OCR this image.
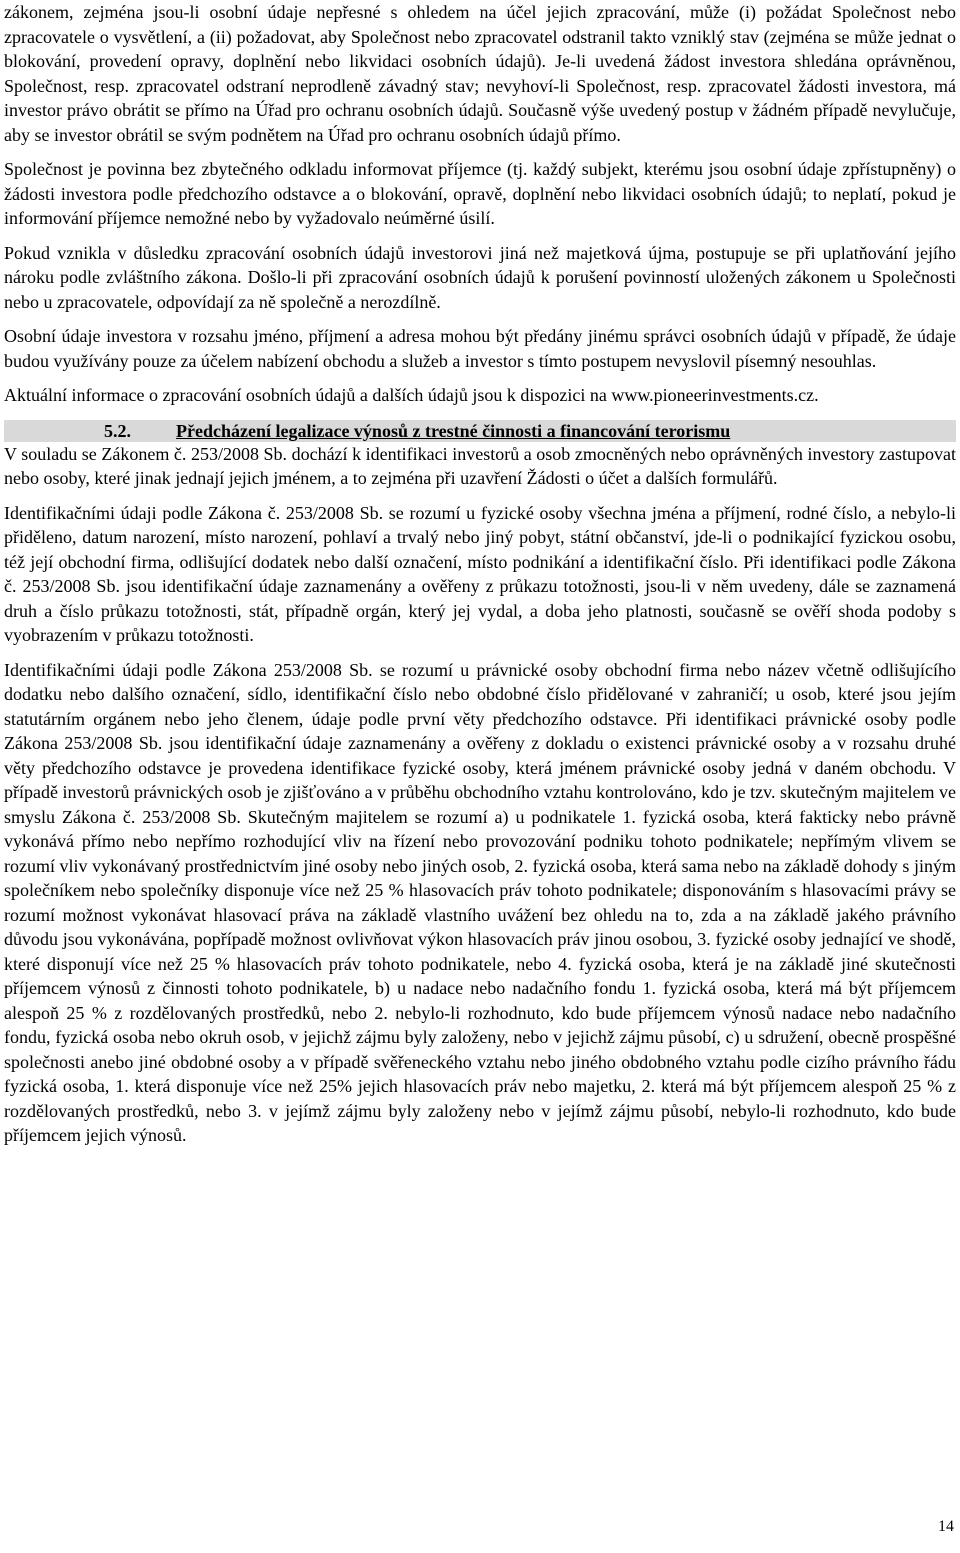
zákonem, zejména jsou-li osobní údaje nepřesné s ohledem na účel jejich zpracování, může (i) požádat Společnost nebo zpracovatele o vysvětlení, a (ii) požadovat, aby Společnost nebo zpracovatel odstranil takto vzniklý stav (zejména se může jednat o blokování, provedení opravy, doplnění nebo likvidaci osobních údajů). Je-li uvedená žádost investora shledána oprávněnou, Společnost, resp. zpracovatel odstraní neprodleně závadný stav; nevyhoví-li Společnost, resp. zpracovatel žádosti investora, má investor právo obrátit se přímo na Úřad pro ochranu osobních údajů. Současně výše uvedený postup v žádném případě nevylučuje, aby se investor obrátil se svým podnětem na Úřad pro ochranu osobních údajů přímo.

Společnost je povinna bez zbytečného odkladu informovat příjemce (tj. každý subjekt, kterému jsou osobní údaje zpřístupněny) o žádosti investora podle předchozího odstavce a o blokování, opravě, doplnění nebo likvidaci osobních údajů; to neplatí, pokud je informování příjemce nemožné nebo by vyžadovalo neúměrné úsilí.

Pokud vznikla v důsledku zpracování osobních údajů investorovi jiná než majetková újma, postupuje se při uplatňování jejího nároku podle zvláštního zákona. Došlo-li při zpracování osobních údajů k porušení povinností uložených zákonem u Společnosti nebo u zpracovatele, odpovídají za ně společně a nerozdílně.

Osobní údaje investora v rozsahu jméno, příjmení a adresa mohou být předány jinému správci osobních údajů v případě, že údaje budou využívány pouze za účelem nabízení obchodu a služeb a investor s tímto postupem nevyslovil písemný nesouhlas.

Aktuální informace o zpracování osobních údajů a dalších údajů jsou k dispozici na www.pioneerinvestments.cz.

5.2.	Předcházení legalizace výnosů z trestné činnosti a financování terorismu

V souladu se Zákonem č. 253/2008 Sb. dochází k identifikaci investorů a osob zmocněných nebo oprávněných investory zastupovat nebo osoby, které jinak jednají jejich jménem, a to zejména při uzavření Žádosti o účet a dalších formulářů.

Identifikačními údaji podle Zákona č. 253/2008 Sb. se rozumí u fyzické osoby všechna jména a příjmení, rodné číslo, a nebylo-li přiděleno, datum narození, místo narození, pohlaví a trvalý nebo jiný pobyt, státní občanství, jde-li o podnikající fyzickou osobu, též její obchodní firma, odlišující dodatek nebo další označení, místo podnikání a identifikační číslo. Při identifikaci podle Zákona č. 253/2008 Sb. jsou identifikační údaje zaznamenány a ověřeny z průkazu totožnosti, jsou-li v něm uvedeny, dále se zaznamená druh a číslo průkazu totožnosti, stát, případně orgán, který jej vydal, a doba jeho platnosti, současně se ověří shoda podoby s vyobrazením v průkazu totožnosti.

Identifikačními údaji podle Zákona 253/2008 Sb. se rozumí u právnické osoby obchodní firma nebo název včetně odlišujícího dodatku nebo dalšího označení, sídlo, identifikační číslo nebo obdobné číslo přidělované v zahraničí; u osob, které jsou jejím statutárním orgánem nebo jeho členem, údaje podle první věty předchozího odstavce. Při identifikaci právnické osoby podle Zákona 253/2008 Sb. jsou identifikační údaje zaznamenány a ověřeny z dokladu o existenci právnické osoby a v rozsahu druhé věty předchozího odstavce je provedena identifikace fyzické osoby, která jménem právnické osoby jedná v daném obchodu. V případě investorů právnických osob je zjišťováno a v průběhu obchodního vztahu kontrolováno, kdo je tzv. skutečným majitelem ve smyslu Zákona č. 253/2008 Sb. Skutečným majitelem se rozumí a) u podnikatele 1. fyzická osoba, která fakticky nebo právně vykonává přímo nebo nepřímo rozhodující vliv na řízení nebo provozování podniku tohoto podnikatele; nepřímým vlivem se rozumí vliv vykonávaný prostřednictvím jiné osoby nebo jiných osob, 2. fyzická osoba, která sama nebo na základě dohody s jiným společníkem nebo společníky disponuje více než 25 % hlasovacích práv tohoto podnikatele; disponováním s hlasovacími právy se rozumí možnost vykonávat hlasovací práva na základě vlastního uvážení bez ohledu na to, zda a na základě jakého právního důvodu jsou vykonávána, popřípadě možnost ovlivňovat výkon hlasovacích práv jinou osobou, 3. fyzické osoby jednající ve shodě, které disponují více než 25 % hlasovacích práv tohoto podnikatele, nebo 4. fyzická osoba, která je na základě jiné skutečnosti příjemcem výnosů z činnosti tohoto podnikatele, b) u nadace nebo nadačního fondu 1. fyzická osoba, která má být příjemcem alespoň 25 % z rozdělovaných prostředků, nebo 2. nebylo-li rozhodnuto, kdo bude příjemcem výnosů nadace nebo nadačního fondu, fyzická osoba nebo okruh osob, v jejichž zájmu byly založeny, nebo v jejichž zájmu působí, c) u sdružení, obecně prospěšné společnosti anebo jiné obdobné osoby a v případě svěřeneckého vztahu nebo jiného obdobného vztahu podle cizího právního řádu fyzická osoba, 1. která disponuje více než 25% jejich hlasovacích práv nebo majetku, 2. která má být příjemcem alespoň 25 % z rozdělovaných prostředků, nebo 3. v jejímž zájmu byly založeny nebo v jejímž zájmu působí, nebylo-li rozhodnuto, kdo bude příjemcem jejich výnosů.

14
